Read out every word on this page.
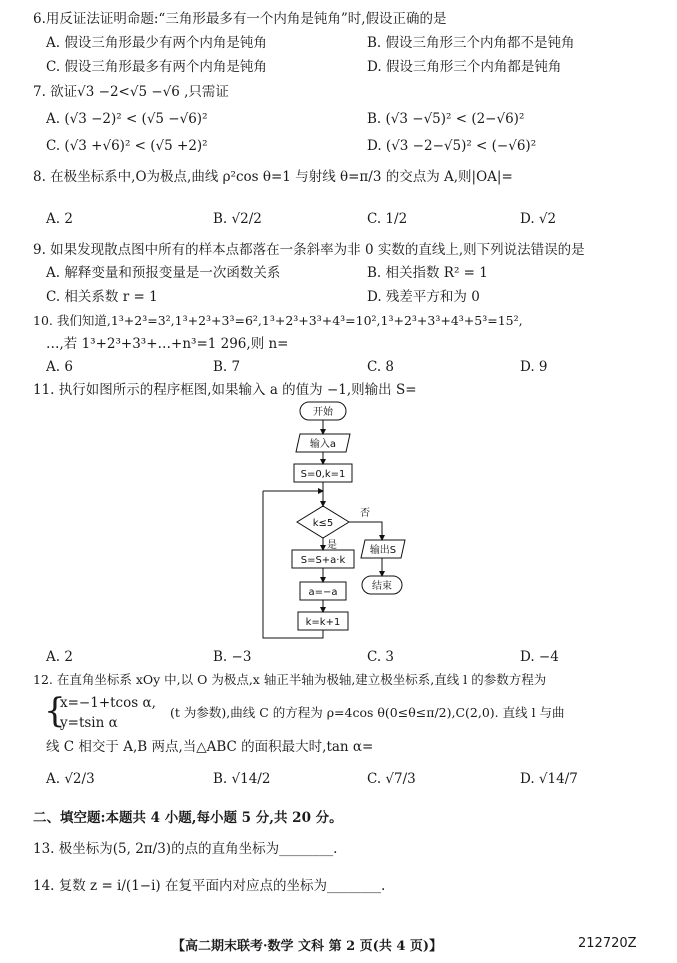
6.用反证法证明命题:“三角形最多有一个内角是钝角”时,假设正确的是
A. 假设三角形最少有两个内角是钝角	B. 假设三角形三个内角都不是钝角
C. 假设三角形最多有两个内角是钝角	D. 假设三角形三个内角都是钝角
7. 欲证√3 −2<√5 −√6 ,只需证
A. (√3 −2)² < (√5 −√6)²	B. (√3 −√5)² < (2−√6)²
C. (√3 +√6)² < (√5 +2)²	D. (√3 −2−√5)² < (−√6)²
8. 在极坐标系中,O为极点,曲线 ρ²cos θ=1 与射线 θ=π/3 的交点为 A,则|OA|=
A. 2	B. √2/2	C. 1/2	D. √2
9. 如果发现散点图中所有的样本点都落在一条斜率为非 0 实数的直线上,则下列说法错误的是
A. 解释变量和预报变量是一次函数关系	B. 相关指数 R² = 1
C. 相关系数 r = 1	D. 残差平方和为 0
10. 我们知道,1³+2³=3²,1³+2³+3³=6²,1³+2³+3³+4³=10²,1³+2³+3³+4³+5³=15²,
…,若 1³+2³+3³+…+n³=1 296,则 n=
A. 6	B. 7	C. 8	D. 9
11. 执行如图所示的程序框图,如果输入 a 的值为 −1,则输出 S=
开始
输入a
S=0,k=1
k≤5
是
否
S=S+a·k
a=−a
k=k+1
输出S
结束
A. 2	B. −3	C. 3	D. −4
12. 在直角坐标系 xOy 中,以 O 为极点,x 轴正半轴为极轴,建立极坐标系,直线 l 的参数方程为
{
x=−1+tcos α,
y=tsin α
(t 为参数),曲线 C 的方程为 ρ=4cos θ(0≤θ≤π/2),C(2,0). 直线 l 与曲
线 C 相交于 A,B 两点,当△ABC 的面积最大时,tan α=
A. √2/3	B. √14/2	C. √7/3	D. √14/7
二、填空题:本题共 4 小题,每小题 5 分,共 20 分。
13. 极坐标为(5, 2π/3)的点的直角坐标为________.
14. 复数 z = i/(1−i) 在复平面内对应点的坐标为________.
【高二期末联考·数学 文科 第 2 页(共 4 页)】	212720Z
